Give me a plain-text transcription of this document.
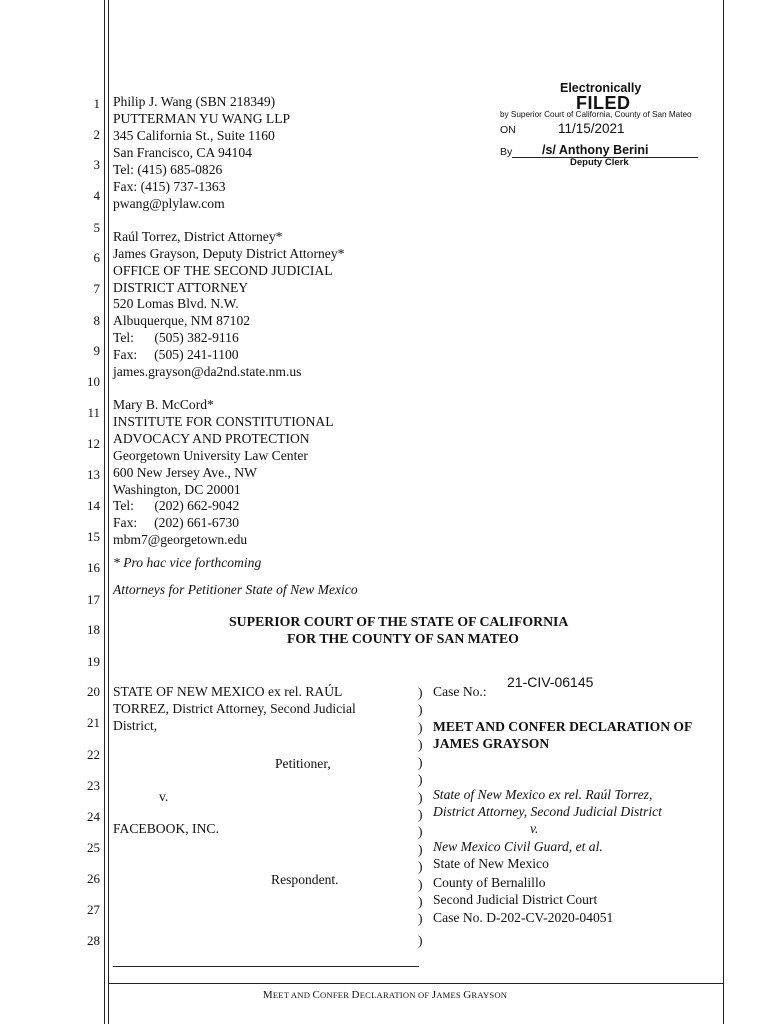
1
2
3
4
5
6
7
8
9
10
11
12
13
14
15
16
17
18
19
20
21
22
23
24
25
26
27
28
Electronically
FILED
by Superior Court of California, County of San Mateo
ON	11/15/2021
By /s/ Anthony Berini
Deputy Clerk
Philip J. Wang (SBN 218349)
PUTTERMAN YU WANG LLP
345 California St., Suite 1160
San Francisco, CA 94104
Tel: (415) 685-0826
Fax: (415) 737-1363
pwang@plylaw.com
Raúl Torrez, District Attorney*
James Grayson, Deputy District Attorney*
OFFICE OF THE SECOND JUDICIAL
DISTRICT ATTORNEY
520 Lomas Blvd. N.W.
Albuquerque, NM 87102
Tel:      (505) 382-9116
Fax:     (505) 241-1100
james.grayson@da2nd.state.nm.us
Mary B. McCord*
INSTITUTE FOR CONSTITUTIONAL
ADVOCACY AND PROTECTION
Georgetown University Law Center
600 New Jersey Ave., NW
Washington, DC 20001
Tel:      (202) 662-9042
Fax:     (202) 661-6730
mbm7@georgetown.edu
* Pro hac vice forthcoming
Attorneys for Petitioner State of New Mexico
SUPERIOR COURT OF THE STATE OF CALIFORNIA
FOR THE COUNTY OF SAN MATEO
STATE OF NEW MEXICO ex rel. RAÚL
TORREZ, District Attorney, Second Judicial
District,
Petitioner,
v.
FACEBOOK, INC.
Respondent.
)
)
)
)
)
)
)
)
)
)
)
)
)
)
)
Case No.:
21-CIV-06145
MEET AND CONFER DECLARATION OF
JAMES GRAYSON
State of New Mexico ex rel. Raúl Torrez,
District Attorney, Second Judicial District
v.
New Mexico Civil Guard, et al.
State of New Mexico
County of Bernalillo
Second Judicial District Court
Case No. D-202-CV-2020-04051
MEET AND CONFER DECLARATION OF JAMES GRAYSON
